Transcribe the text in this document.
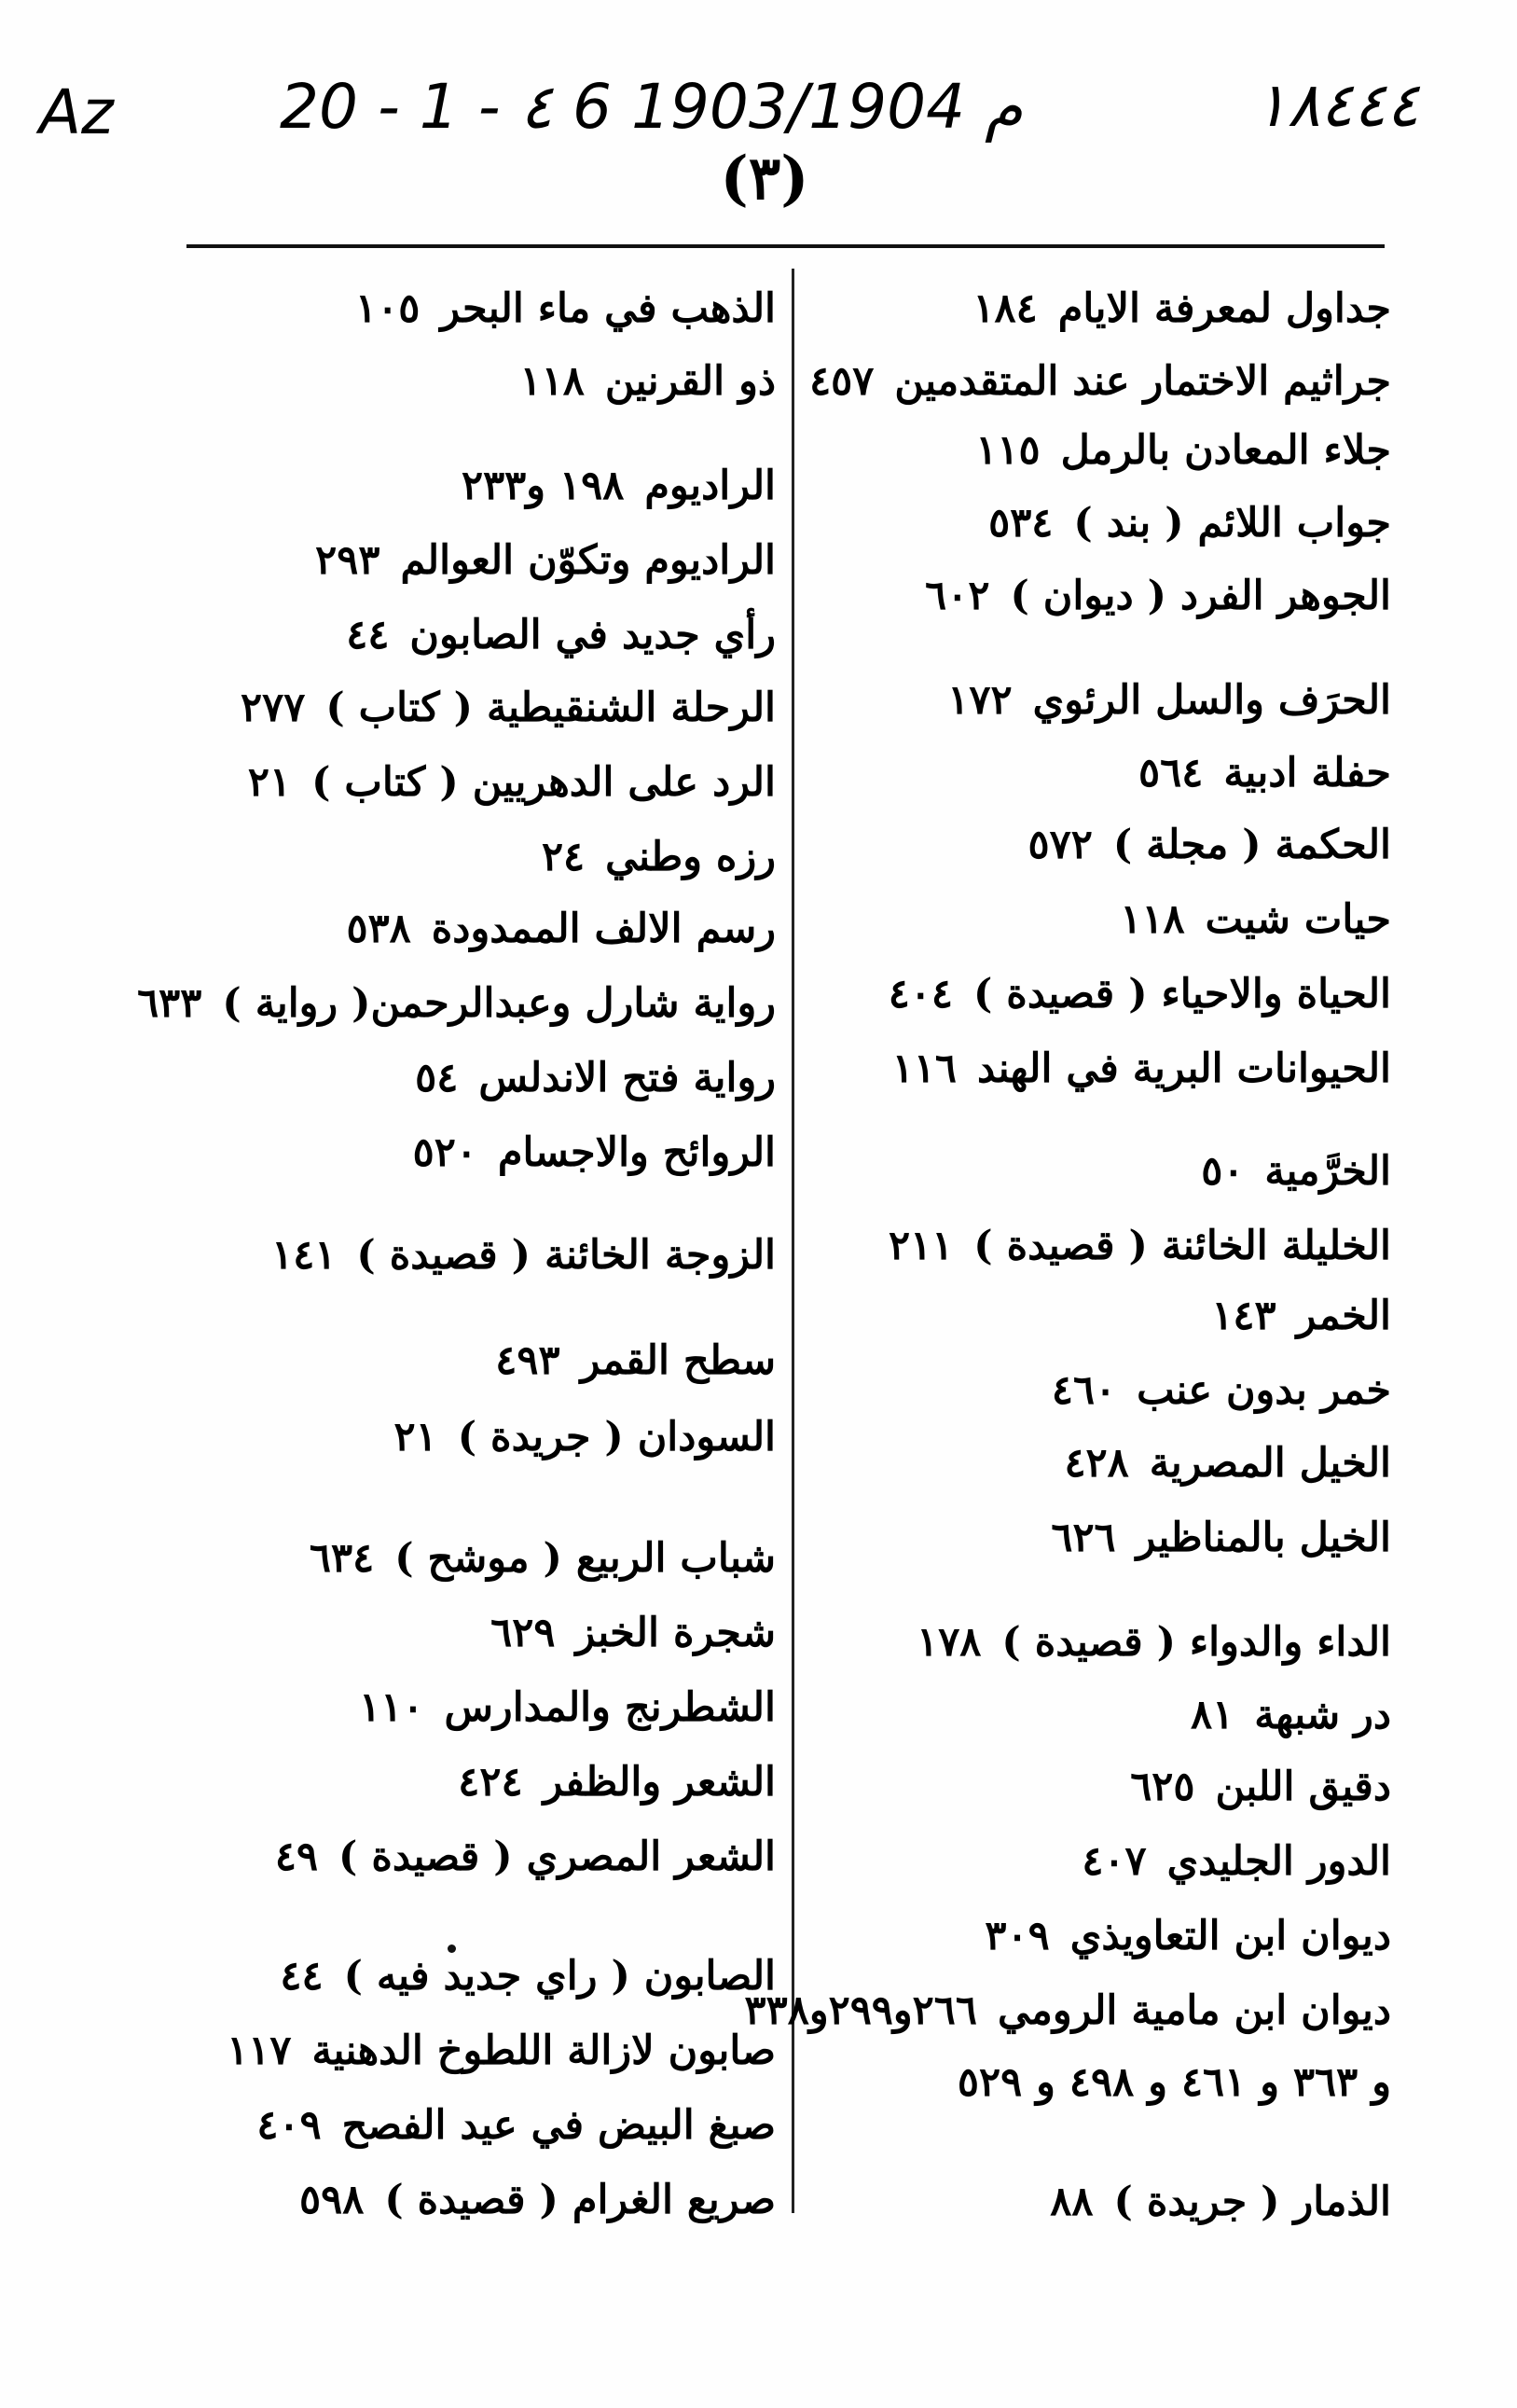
Az	20 - 1 - ٤ 6 م 1903/1904	١٨٤٤٤
(٣)
جداول لمعرفة الايام١٨٤
جراثيم الاختمار عند المتقدمين٤٥٧
جلاء المعادن بالرمل١١٥
جواب اللائم ( بند )٥٣٤
الجوهر الفرد ( ديوان )٦٠٢
الحرَف والسل الرئوي١٧٢
حفلة ادبية٥٦٤
الحكمة ( مجلة )٥٧٢
حيات شيت١١٨
الحياة والاحياء ( قصيدة )٤٠٤
الحيوانات البرية في الهند١١٦
الخرَّمية٥٠
الخليلة الخائنة ( قصيدة )٢١١
الخمر١٤٣
خمر بدون عنب٤٦٠
الخيل المصرية٤٢٨
الخيل بالمناظير٦٢٦
الداء والدواء ( قصيدة )١٧٨
در شبهة٨١
دقيق اللبن٦٢٥
الدور الجليدي٤٠٧
ديوان ابن التعاويذي٣٠٩
ديوان ابن مامية الرومي٢٦٦و٢٩٩و٣٣٨
و ٣٦٣ و ٤٦١ و ٤٩٨ و ٥٢٩
الذمار ( جريدة )٨٨
الذهب في ماء البحر١٠٥
ذو القرنين١١٨
الراديوم١٩٨ و٢٣٣
الراديوم وتكوّن العوالم٢٩٣
رأي جديد في الصابون٤٤
الرحلة الشنقيطية ( كتاب )٢٧٧
الرد على الدهريين ( كتاب )٢١
رزه وطني٢٤
رسم الالف الممدودة٥٣٨
رواية شارل وعبدالرحمن( رواية )٦٣٣
رواية فتح الاندلس٥٤
الروائح والاجسام٥٢٠
الزوجة الخائنة ( قصيدة )١٤١
سطح القمر٤٩٣
السودان ( جريدة )٢١
شباب الربيع ( موشح )٦٣٤
شجرة الخبز٦٢٩
الشطرنج والمدارس١١٠
الشعر والظفر٤٢٤
الشعر المصري ( قصيدة )٤٩
الصابون ( راي جديد فيه )٤٤
صابون لازالة اللطوخ الدهنية١١٧
صبغ البيض في عيد الفصح٤٠٩
صريع الغرام ( قصيدة )٥٩٨
